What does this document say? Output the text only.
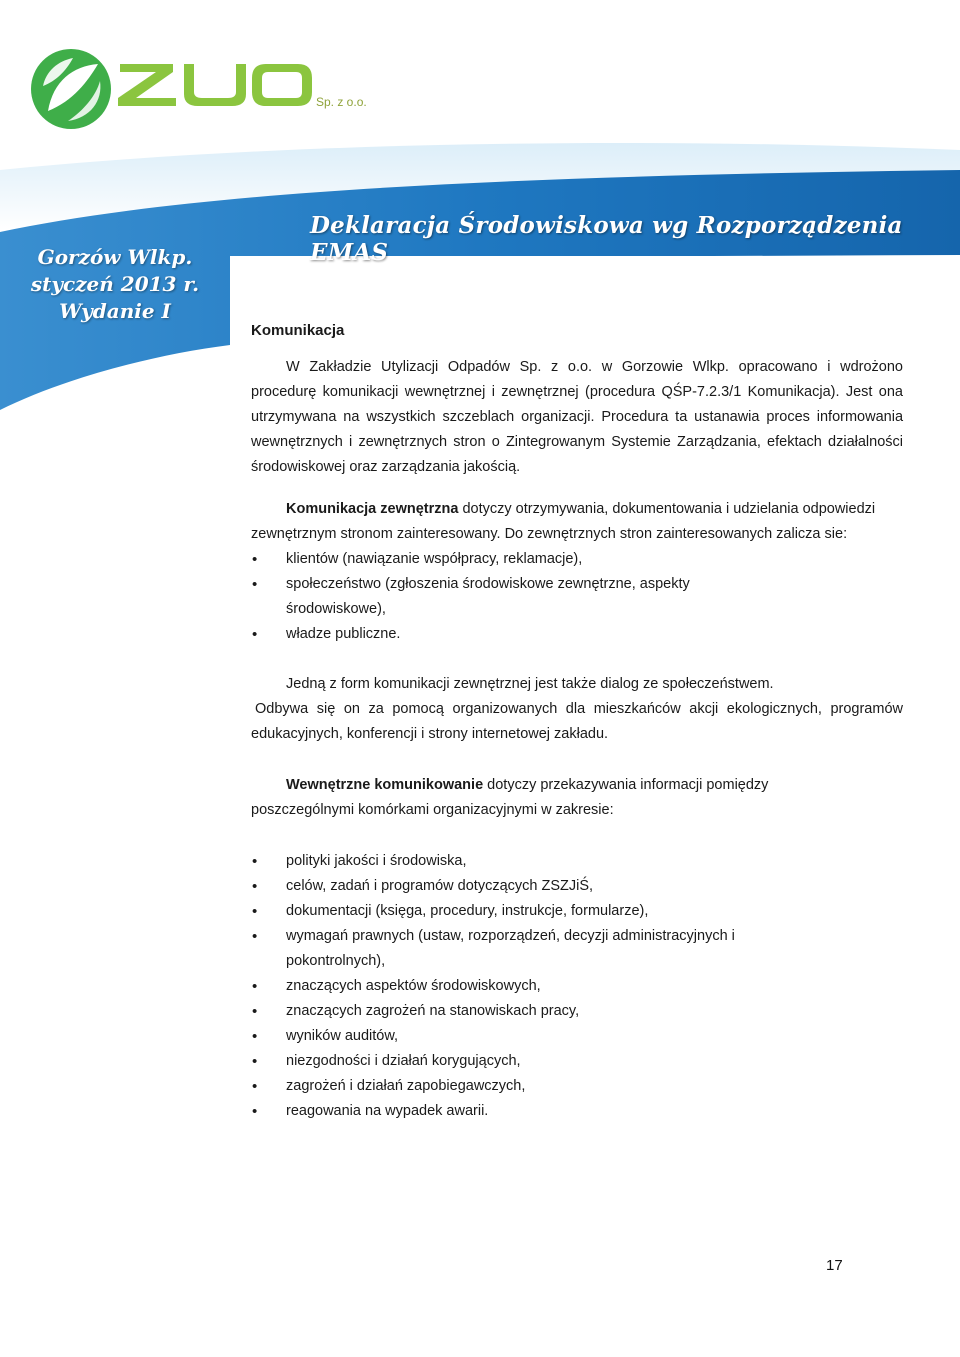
Sp. z o.o.
Deklaracja Środowiskowa wg Rozporządzenia EMAS
Gorzów Wlkp.
styczeń 2013 r.
Wydanie I
Komunikacja

W Zakładzie Utylizacji Odpadów Sp. z o.o. w Gorzowie Wlkp. opracowano i wdrożono procedurę komunikacji wewnętrznej i zewnętrznej (procedura QŚP-7.2.3/1 Komunikacja). Jest ona utrzymywana na wszystkich szczeblach organizacji. Procedura ta ustanawia proces informowania wewnętrznych i zewnętrznych stron o Zintegrowanym Systemie Zarządzania, efektach działalności środowiskowej oraz zarządzania jakością.

Komunikacja zewnętrzna dotyczy otrzymywania, dokumentowania i udzielania odpowiedzi zewnętrznym stronom zainteresowany. Do zewnętrznych stron zainteresowanych zalicza sie:

• klientów (nawiązanie współpracy, reklamacje),
• społeczeństwo (zgłoszenia środowiskowe zewnętrzne, aspekty środowiskowe),
• władze publiczne.

Jedną z form komunikacji zewnętrznej jest także dialog ze społeczeństwem.

Odbywa się on za pomocą organizowanych dla mieszkańców akcji ekologicznych, programów edukacyjnych, konferencji i strony internetowej zakładu.

Wewnętrzne komunikowanie dotyczy przekazywania informacji pomiędzy poszczególnymi komórkami organizacyjnymi w zakresie:

• polityki jakości i środowiska,
• celów, zadań i programów dotyczących ZSZJiŚ,
• dokumentacji (księga, procedury, instrukcje, formularze),
• wymagań prawnych (ustaw, rozporządzeń, decyzji administracyjnych i pokontrolnych),
• znaczących aspektów środowiskowych,
• znaczących zagrożeń na stanowiskach pracy,
• wyników auditów,
• niezgodności i działań korygujących,
• zagrożeń i działań zapobiegawczych,
• reagowania na wypadek awarii.
17
